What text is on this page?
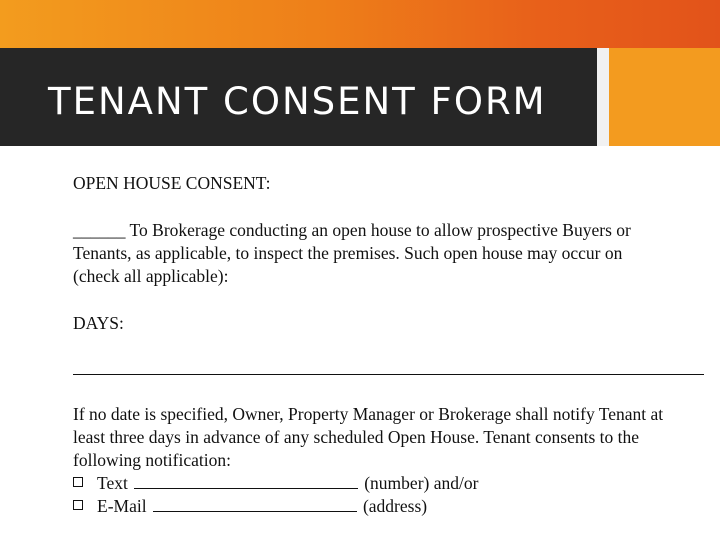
TENANT CONSENT FORM
OPEN HOUSE CONSENT:
______ To Brokerage conducting an open house to allow prospective Buyers or
Tenants, as applicable, to inspect the premises. Such open house may occur on
(check all applicable):
DAYS:
If no date is specified, Owner, Property Manager or Brokerage shall notify Tenant at
least three days in advance of any scheduled Open House. Tenant consents to the
following notification:
Text	(number) and/or
E-Mail	(address)
